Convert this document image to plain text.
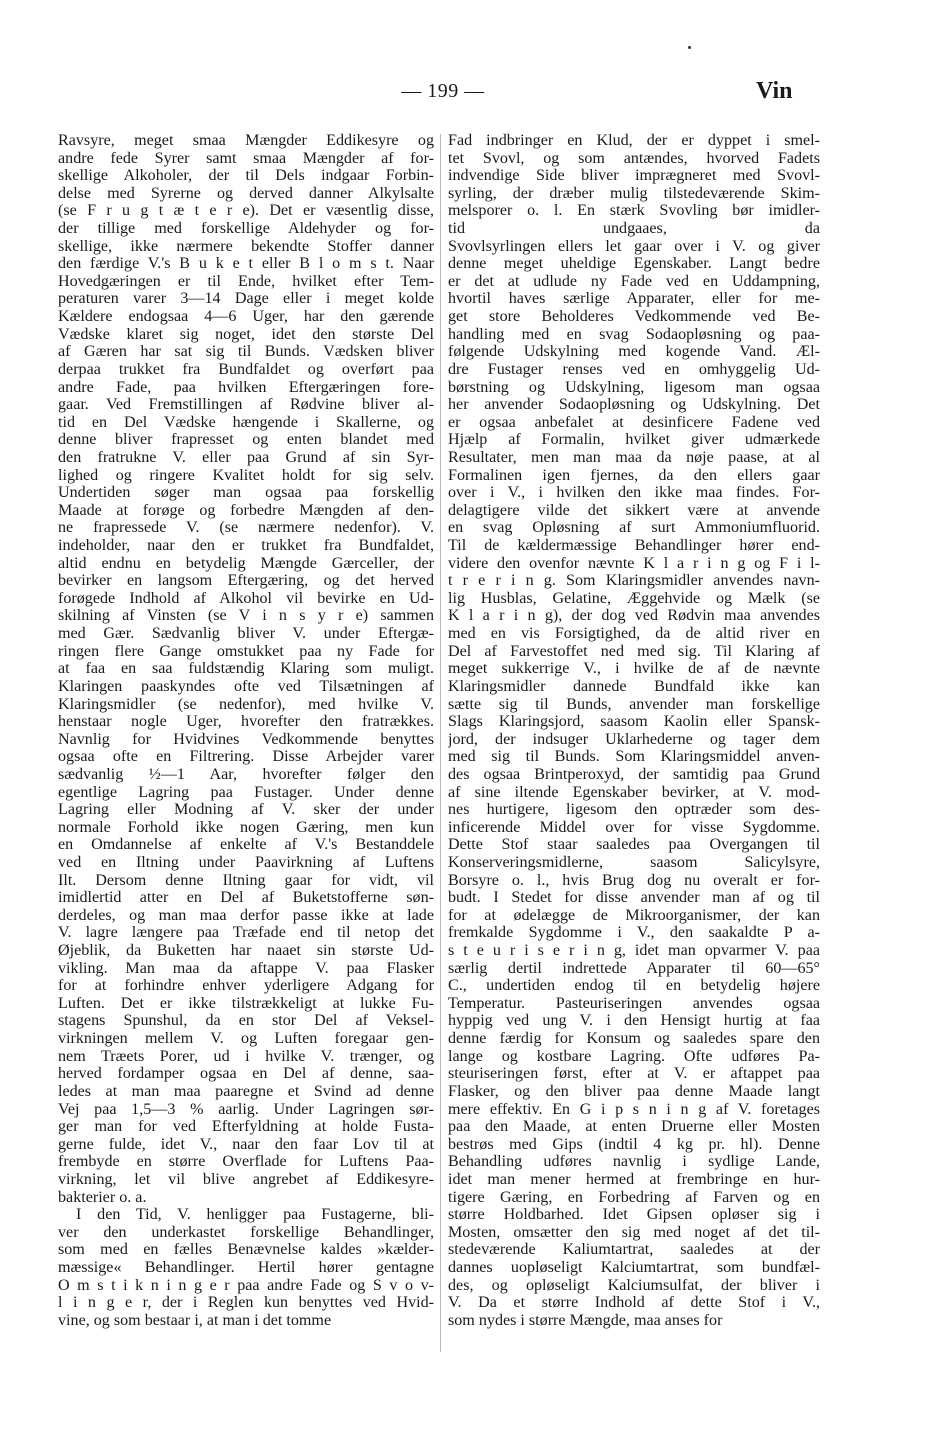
— 199 —	Vin
Ravsyre, meget smaa Mængder Eddikesyre og
andre fede Syrer samt smaa Mængder af for-
skellige Alkoholer, der til Dels indgaar Forbin-
delse med Syrerne og derved danner Alkylsalte
(se F r u g t æ t e r e). Det er væsentlig disse,
der tillige med forskellige Aldehyder og for-
skellige, ikke nærmere bekendte Stoffer danner
den færdige V.'s B u k e t eller B l o m s t. Naar
Hovedgæringen er til Ende, hvilket efter Tem-
peraturen varer 3—14 Dage eller i meget kolde
Kældere endogsaa 4—6 Uger, har den gærende
Vædske klaret sig noget, idet den største Del
af Gæren har sat sig til Bunds. Vædsken bliver
derpaa trukket fra Bundfaldet og overført paa
andre Fade, paa hvilken Eftergæringen fore-
gaar. Ved Fremstillingen af Rødvine bliver al-
tid en Del Vædske hængende i Skallerne, og
denne bliver frapresset og enten blandet med
den fratrukne V. eller paa Grund af sin Syr-
lighed og ringere Kvalitet holdt for sig selv.
Undertiden søger man ogsaa paa forskellig
Maade at forøge og forbedre Mængden af den-
ne frapressede V. (se nærmere nedenfor). V.
indeholder, naar den er trukket fra Bundfaldet,
altid endnu en betydelig Mængde Gærceller, der
bevirker en langsom Eftergæring, og det herved
forøgede Indhold af Alkohol vil bevirke en Ud-
skilning af Vinsten (se V i n s y r e) sammen
med Gær. Sædvanlig bliver V. under Eftergæ-
ringen flere Gange omstukket paa ny Fade for
at faa en saa fuldstændig Klaring som muligt.
Klaringen paaskyndes ofte ved Tilsætningen af
Klaringsmidler (se nedenfor), med hvilke V.
henstaar nogle Uger, hvorefter den fratrækkes.
Navnlig for Hvidvines Vedkommende benyttes
ogsaa ofte en Filtrering. Disse Arbejder varer
sædvanlig ½—1 Aar, hvorefter følger den
egentlige Lagring paa Fustager. Under denne
Lagring eller Modning af V. sker der under
normale Forhold ikke nogen Gæring, men kun
en Omdannelse af enkelte af V.'s Bestanddele
ved en Iltning under Paavirkning af Luftens
Ilt. Dersom denne Iltning gaar for vidt, vil
imidlertid atter en Del af Buketstofferne søn-
derdeles, og man maa derfor passe ikke at lade
V. lagre længere paa Træfade end til netop det
Øjeblik, da Buketten har naaet sin største Ud-
vikling. Man maa da aftappe V. paa Flasker
for at forhindre enhver yderligere Adgang for
Luften. Det er ikke tilstrækkeligt at lukke Fu-
stagens Spunshul, da en stor Del af Veksel-
virkningen mellem V. og Luften foregaar gen-
nem Træets Porer, ud i hvilke V. trænger, og
herved fordamper ogsaa en Del af denne, saa-
ledes at man maa paaregne et Svind ad denne
Vej paa 1,5—3 % aarlig. Under Lagringen sør-
ger man for ved Efterfyldning at holde Fusta-
gerne fulde, idet V., naar den faar Lov til at
frembyde en større Overflade for Luftens Paa-
virkning, let vil blive angrebet af Eddikesyre-
bakterier o. a.
I den Tid, V. henligger paa Fustagerne, bli-
ver den underkastet forskellige Behandlinger,
som med en fælles Benævnelse kaldes »kælder-
mæssige« Behandlinger. Hertil hører gentagne
O m s t i k n i n g e r paa andre Fade og S v o v-
l i n g e r, der i Reglen kun benyttes ved Hvid-
vine, og som bestaar i, at man i det tomme
Fad indbringer en Klud, der er dyppet i smel-
tet Svovl, og som antændes, hvorved Fadets
indvendige Side bliver imprægneret med Svovl-
syrling, der dræber mulig tilstedeværende Skim-
melsporer o. l. En stærk Svovling bør imidler-
tid undgaaes, da
Svovlsyrlingen ellers let gaar over i V. og giver
denne meget uheldige Egenskaber. Langt bedre
er det at udlude ny Fade ved en Uddampning,
hvortil haves særlige Apparater, eller for me-
get store Beholderes Vedkommende ved Be-
handling med en svag Sodaopløsning og paa-
følgende Udskylning med kogende Vand. Æl-
dre Fustager renses ved en omhyggelig Ud-
børstning og Udskylning, ligesom man ogsaa
her anvender Sodaopløsning og Udskylning. Det
er ogsaa anbefalet at desinficere Fadene ved
Hjælp af Formalin, hvilket giver udmærkede
Resultater, men man maa da nøje paase, at al
Formalinen igen fjernes, da den ellers gaar
over i V., i hvilken den ikke maa findes. For-
delagtigere vilde det sikkert være at anvende
en svag Opløsning af surt Ammoniumfluorid.
Til de kældermæssige Behandlinger hører end-
videre den ovenfor nævnte K l a r i n g og F i l-
t r e r i n g. Som Klaringsmidler anvendes navn-
lig Husblas, Gelatine, Æggehvide og Mælk (se
K l a r i n g), der dog ved Rødvin maa anvendes
med en vis Forsigtighed, da de altid river en
Del af Farvestoffet ned med sig. Til Klaring af
meget sukkerrige V., i hvilke de af de nævnte
Klaringsmidler dannede Bundfald ikke kan
sætte sig til Bunds, anvender man forskellige
Slags Klaringsjord, saasom Kaolin eller Spansk-
jord, der indsuger Uklarhederne og tager dem
med sig til Bunds. Som Klaringsmiddel anven-
des ogsaa Brintperoxyd, der samtidig paa Grund
af sine iltende Egenskaber bevirker, at V. mod-
nes hurtigere, ligesom den optræder som des-
inficerende Middel over for visse Sygdomme.
Dette Stof staar saaledes paa Overgangen til
Konserveringsmidlerne, saasom Salicylsyre,
Borsyre o. l., hvis Brug dog nu overalt er for-
budt. I Stedet for disse anvender man af og til
for at ødelægge de Mikroorganismer, der kan
fremkalde Sygdomme i V., den saakaldte P a-
s t e u r i s e r i n g, idet man opvarmer V. paa
særlig dertil indrettede Apparater til 60—65°
C., undertiden endog til en betydelig højere
Temperatur. Pasteuriseringen anvendes ogsaa
hyppig ved ung V. i den Hensigt hurtig at faa
denne færdig for Konsum og saaledes spare den
lange og kostbare Lagring. Ofte udføres Pa-
steuriseringen først, efter at V. er aftappet paa
Flasker, og den bliver paa denne Maade langt
mere effektiv. En G i p s n i n g af V. foretages
paa den Maade, at enten Druerne eller Mosten
bestrøs med Gips (indtil 4 kg pr. hl). Denne
Behandling udføres navnlig i sydlige Lande,
idet man mener hermed at frembringe en hur-
tigere Gæring, en Forbedring af Farven og en
større Holdbarhed. Idet Gipsen opløser sig i
Mosten, omsætter den sig med noget af det til-
stedeværende Kaliumtartrat, saaledes at der
dannes uopløseligt Kalciumtartrat, som bundfæl-
des, og opløseligt Kalciumsulfat, der bliver i
V. Da et større Indhold af dette Stof i V.,
som nydes i større Mængde, maa anses for
